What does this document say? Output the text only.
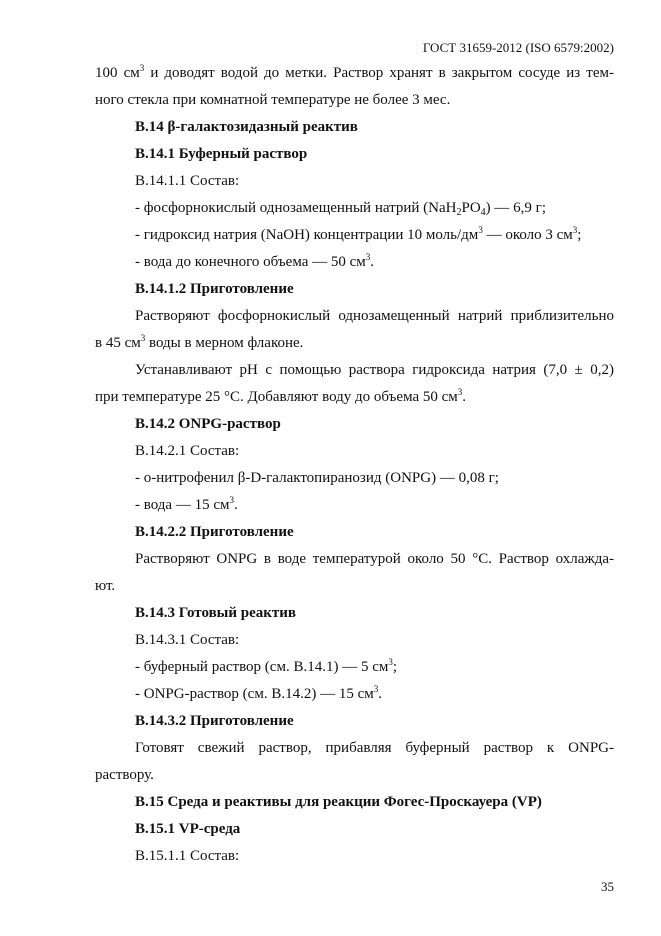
ГОСТ 31659-2012 (ISO 6579:2002)
100 $см^3$ и доводят водой до метки. Раствор хранят в закрытом сосуде из тем-
ного стекла при комнатной температуре не более 3 мес.
В.14 β-галактозидазный реактив
В.14.1 Буферный раствор
В.14.1.1 Состав:
- фосфорнокислый однозамещенный натрий $(NaH_2PO_4)$ — 6,9 г;
- гидроксид натрия (NaOH) концентрации 10 моль/$дм^3$ — около 3 $см^3$;
- вода до конечного объема — 50 $см^3$.
В.14.1.2 Приготовление
Растворяют фосфорнокислый однозамещенный натрий приблизительно
в 45 $см^3$ воды в мерном флаконе.
Устанавливают pH с помощью раствора гидроксида натрия (7,0 ± 0,2)
при температуре 25 °С. Добавляют воду до объема 50 $см^3$.
В.14.2 ONPG-раствор
В.14.2.1 Состав:
- о-нитрофенил β-D-галактопиранозид (ONPG) — 0,08 г;
- вода — 15 $см^3$.
В.14.2.2 Приготовление
Растворяют ONPG в воде температурой около 50 °С. Раствор охлажда-
ют.
В.14.3 Готовый реактив
В.14.3.1 Состав:
- буферный раствор (см. В.14.1) — 5 $см^3$;
- ONPG-раствор (см. В.14.2) — 15 $см^3$.
В.14.3.2 Приготовление
Готовят свежий раствор, прибавляя буферный раствор к ONPG-
раствору.
В.15 Среда и реактивы для реакции Фогес-Проскауера (VP)
В.15.1 VP-среда
В.15.1.1 Состав:
35
